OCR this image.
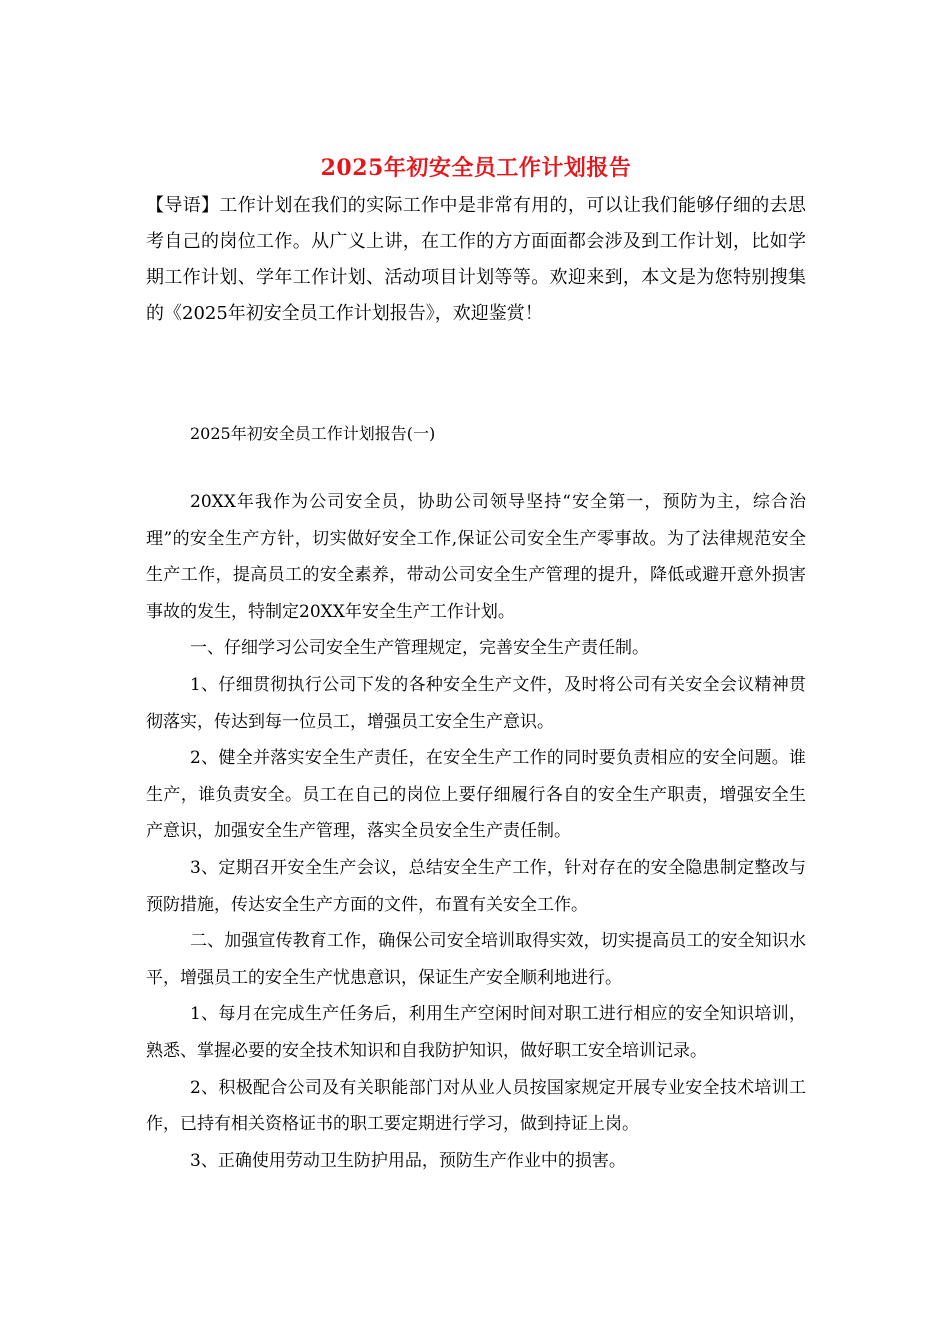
2025年初安全员工作计划报告

【导语】工作计划在我们的实际工作中是非常有用的，可以让我们能够仔细的去思考自己的岗位工作。从广义上讲，在工作的方方面面都会涉及到工作计划，比如学期工作计划、学年工作计划、活动项目计划等等。欢迎来到，本文是为您特别搜集的《2025年初安全员工作计划报告》，欢迎鉴赏！

2025年初安全员工作计划报告(一)

20XX年我作为公司安全员，协助公司领导坚持“安全第一，预防为主，综合治理”的安全生产方针，切实做好安全工作,保证公司安全生产零事故。为了法律规范安全生产工作，提高员工的安全素养，带动公司安全生产管理的提升，降低或避开意外损害事故的发生，特制定20XX年安全生产工作计划。

一、仔细学习公司安全生产管理规定，完善安全生产责任制。

1、仔细贯彻执行公司下发的各种安全生产文件，及时将公司有关安全会议精神贯彻落实，传达到每一位员工，增强员工安全生产意识。

2、健全并落实安全生产责任，在安全生产工作的同时要负责相应的安全问题。谁生产，谁负责安全。员工在自己的岗位上要仔细履行各自的安全生产职责，增强安全生产意识，加强安全生产管理，落实全员安全生产责任制。

3、定期召开安全生产会议，总结安全生产工作，针对存在的安全隐患制定整改与预防措施，传达安全生产方面的文件，布置有关安全工作。

二、加强宣传教育工作，确保公司安全培训取得实效，切实提高员工的安全知识水平，增强员工的安全生产忧患意识，保证生产安全顺利地进行。

1、每月在完成生产任务后，利用生产空闲时间对职工进行相应的安全知识培训，熟悉、掌握必要的安全技术知识和自我防护知识，做好职工安全培训记录。

2、积极配合公司及有关职能部门对从业人员按国家规定开展专业安全技术培训工作，已持有相关资格证书的职工要定期进行学习，做到持证上岗。

3、正确使用劳动卫生防护用品，预防生产作业中的损害。
